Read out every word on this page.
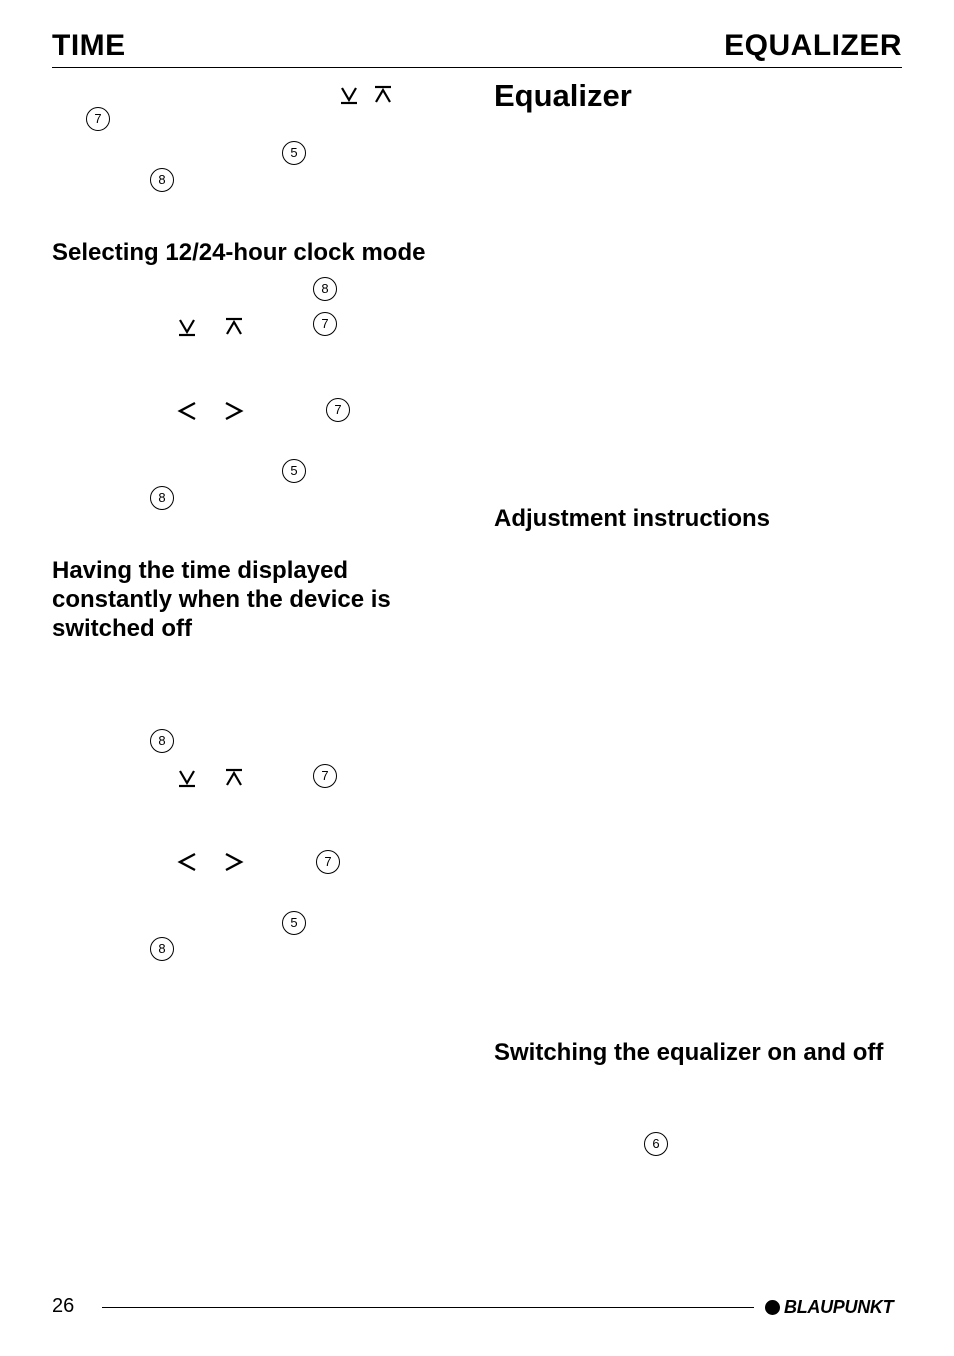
TIME	EQUALIZER
7
5
8
Selecting 12/24-hour clock mode
8
7
7
5
8
Having the time displayed constantly when the device is switched off
8
7
7
5
8
Equalizer
Adjustment instructions
Switching the equalizer on and off
6
26	BLAUPUNKT
